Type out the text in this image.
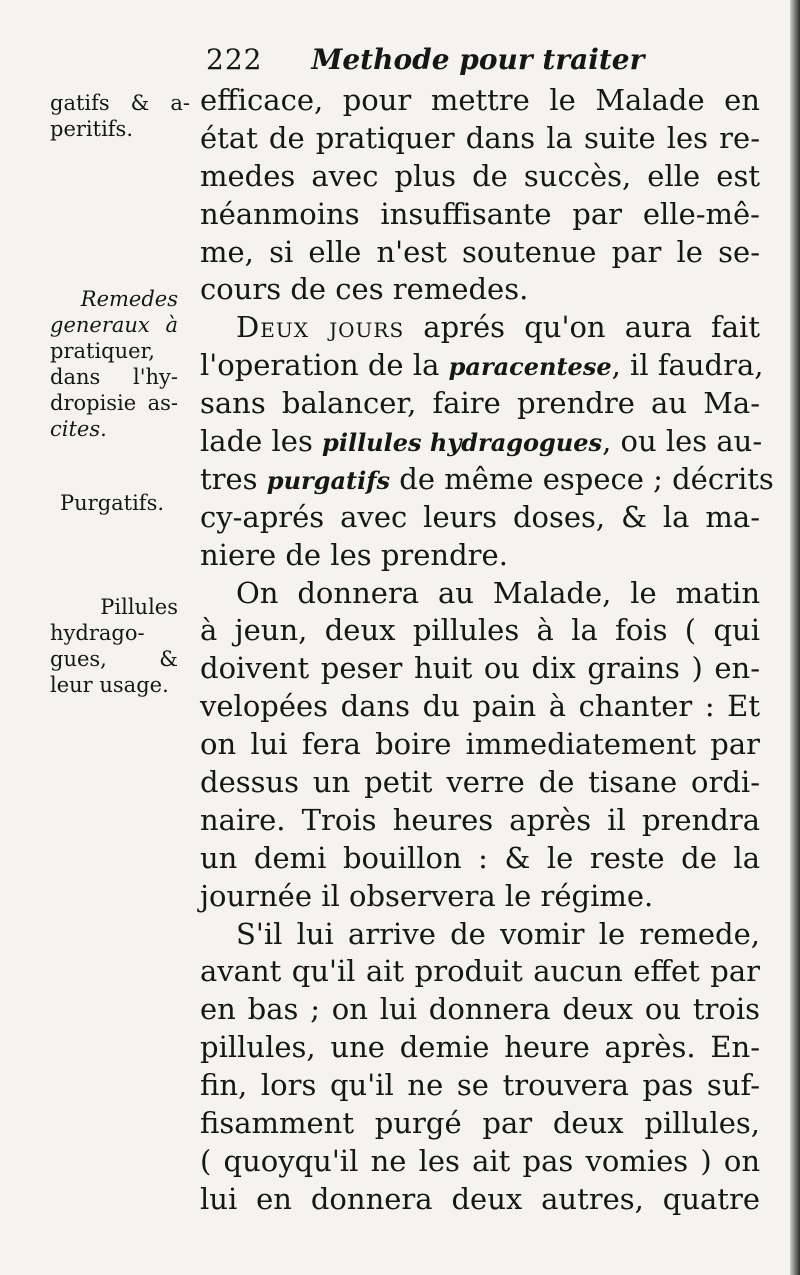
222 Methode pour traiter
gatifs & a-
peritifs.
Remedes
generaux à
pratiquer,
dans l'hy-
dropisie as-
cites.
Purgatifs.
Pillules
hydrago-
gues, &
leur usage.
efficace, pour mettre le Malade en
état de pratiquer dans la suite les re-
medes avec plus de succès, elle est
néanmoins insuffisante par elle-mê-
me, si elle n'est soutenue par le se-
cours de ces remedes.
Deux jours aprés qu'on aura fait
l'operation de la paracentese, il faudra,
sans balancer, faire prendre au Ma-
lade les pillules hydragogues, ou les au-
tres purgatifs de même espece ; décrits
cy-aprés avec leurs doses, & la ma-
niere de les prendre.
On donnera au Malade, le matin
à jeun, deux pillules à la fois ( qui
doivent peser huit ou dix grains ) en-
velopées dans du pain à chanter : Et
on lui fera boire immediatement par
dessus un petit verre de tisane ordi-
naire. Trois heures après il prendra
un demi bouillon : & le reste de la
journée il observera le régime.
S'il lui arrive de vomir le remede,
avant qu'il ait produit aucun effet par
en bas ; on lui donnera deux ou trois
pillules, une demie heure après. En-
fin, lors qu'il ne se trouvera pas suf-
fisamment purgé par deux pillules,
( quoyqu'il ne les ait pas vomies ) on
lui en donnera deux autres, quatre
